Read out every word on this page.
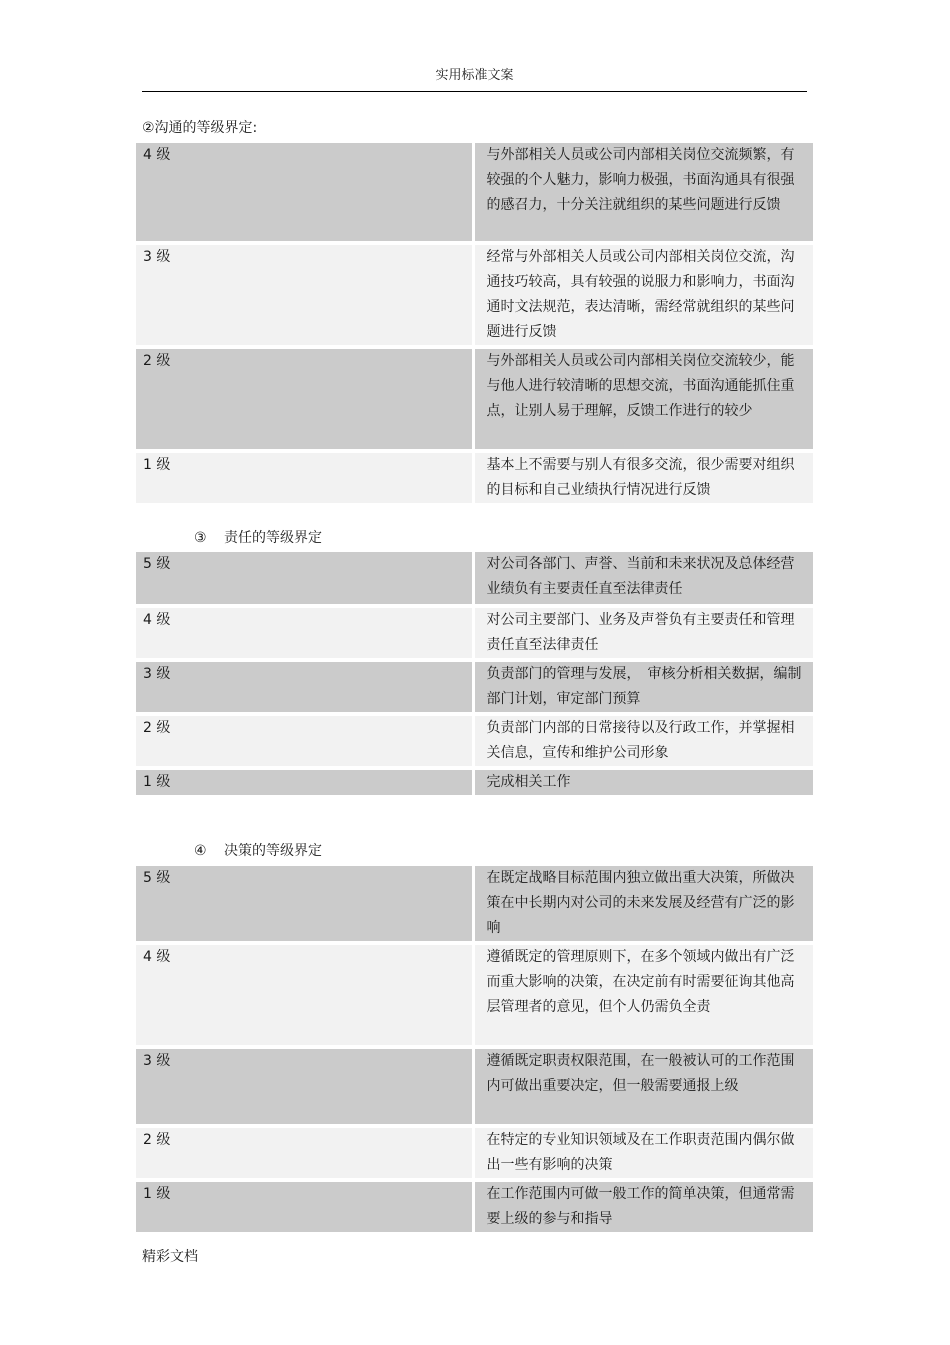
实用标准文案
②沟通的等级界定:
4 级	与外部相关人员或公司内部相关岗位交流频繁，有较强的个人魅力，影响力极强，书面沟通具有很强的感召力，十分关注就组织的某些问题进行反馈
3 级	经常与外部相关人员或公司内部相关岗位交流，沟通技巧较高，具有较强的说服力和影响力，书面沟通时文法规范，表达清晰，需经常就组织的某些问题进行反馈
2 级	与外部相关人员或公司内部相关岗位交流较少，能与他人进行较清晰的思想交流，书面沟通能抓住重点，让别人易于理解，反馈工作进行的较少
1 级	基本上不需要与别人有很多交流，很少需要对组织的目标和自己业绩执行情况进行反馈
③ 责任的等级界定
5 级	对公司各部门、声誉、当前和未来状况及总体经营业绩负有主要责任直至法律责任
4 级	对公司主要部门、业务及声誉负有主要责任和管理责任直至法律责任
3 级	负责部门的管理与发展，　审核分析相关数据，编制部门计划，审定部门预算
2 级	负责部门内部的日常接待以及行政工作，并掌握相关信息，宣传和维护公司形象
1 级	完成相关工作
④ 决策的等级界定
5 级	在既定战略目标范围内独立做出重大决策，所做决策在中长期内对公司的未来发展及经营有广泛的影响
4 级	遵循既定的管理原则下，在多个领域内做出有广泛而重大影响的决策，在决定前有时需要征询其他高层管理者的意见，但个人仍需负全责
3 级	遵循既定职责权限范围，在一般被认可的工作范围内可做出重要决定，但一般需要通报上级
2 级	在特定的专业知识领域及在工作职责范围内偶尔做出一些有影响的决策
1 级	在工作范围内可做一般工作的简单决策，但通常需要上级的参与和指导
精彩文档
